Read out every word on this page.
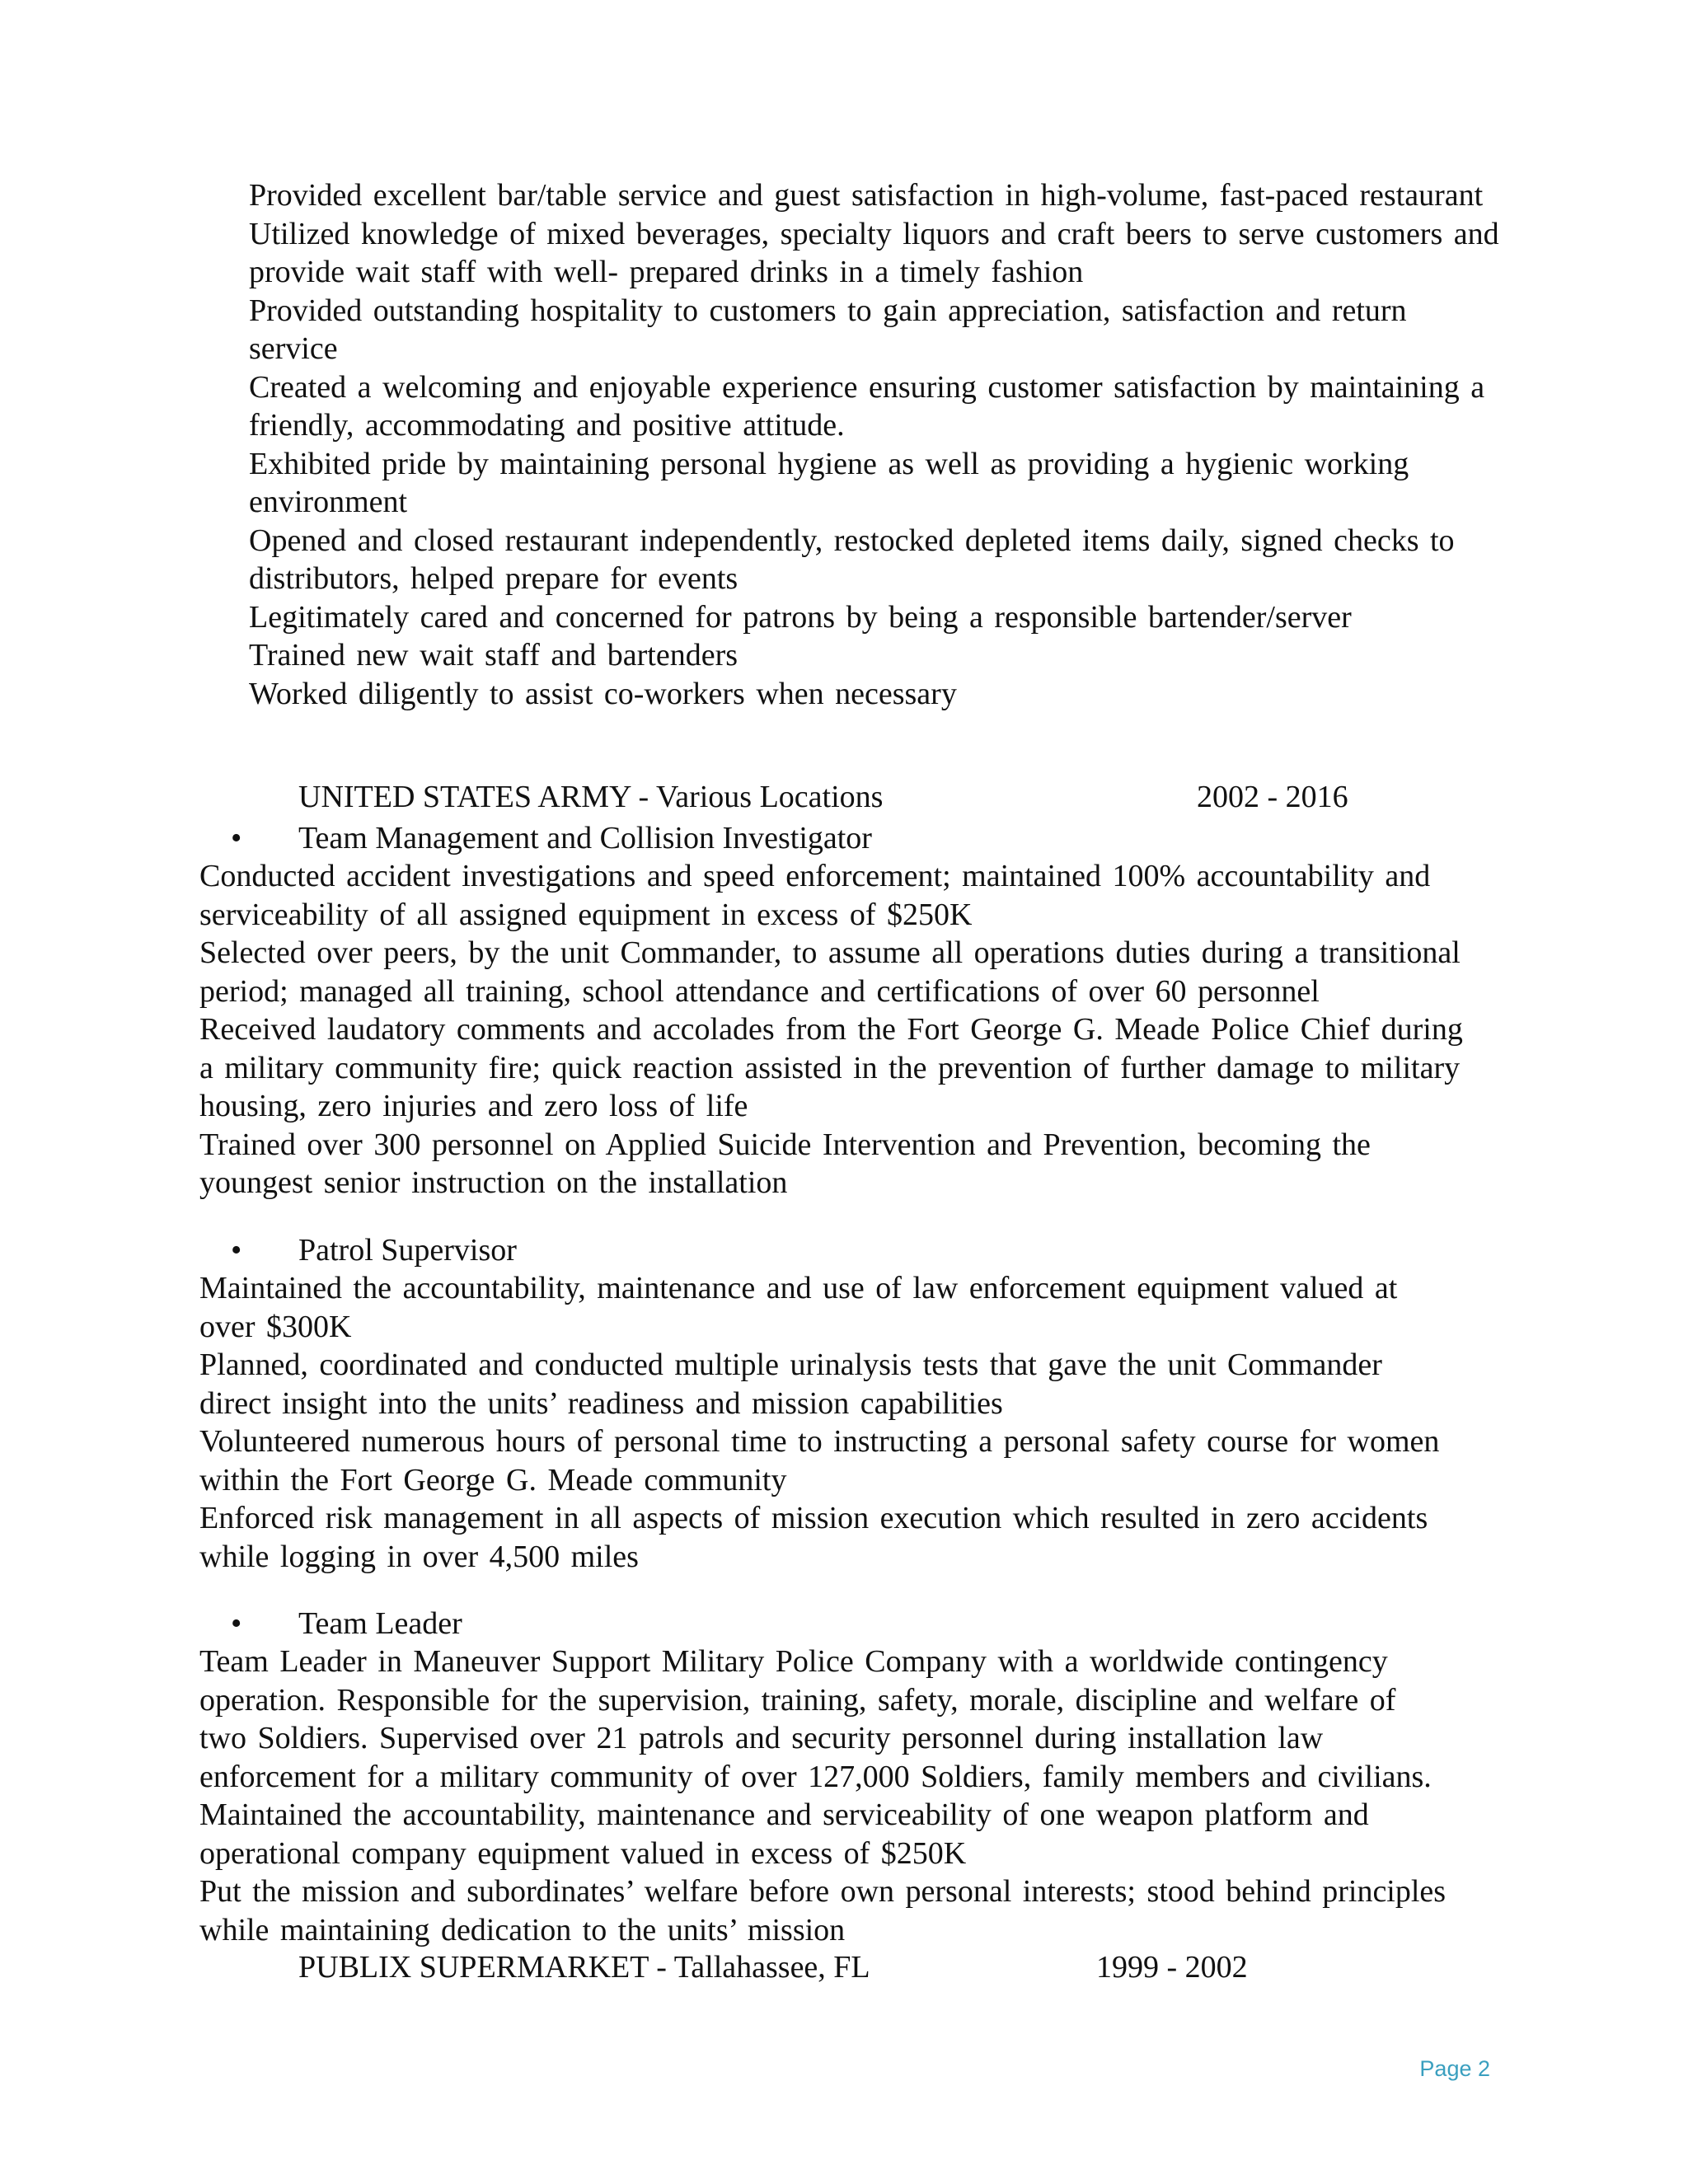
Provided excellent bar/table service and guest satisfaction in high-volume, fast-paced restaurant
Utilized knowledge of mixed beverages, specialty liquors and craft beers to serve customers and provide wait staff with well- prepared drinks in a timely fashion
Provided outstanding hospitality to customers to gain appreciation, satisfaction and return service
Created a welcoming and enjoyable experience ensuring customer satisfaction by maintaining a friendly, accommodating and positive attitude.
Exhibited pride by maintaining personal hygiene as well as providing a hygienic working environment
Opened and closed restaurant independently, restocked depleted items daily, signed checks to distributors, helped prepare for events
Legitimately cared and concerned for patrons by being a responsible bartender/server
Trained new wait staff and bartenders
Worked diligently to assist co-workers when necessary
UNITED STATES ARMY - Various Locations	2002 - 2016
• Team Management and Collision Investigator
Conducted accident investigations and speed enforcement; maintained 100% accountability and
serviceability of all assigned equipment in excess of $250K
Selected over peers, by the unit Commander, to assume all operations duties during a transitional
period; managed all training, school attendance and certifications of over 60 personnel
Received laudatory comments and accolades from the Fort George G. Meade Police Chief during
a military community fire; quick reaction assisted in the prevention of further damage to military
housing, zero injuries and zero loss of life
Trained over 300 personnel on Applied Suicide Intervention and Prevention, becoming the
youngest senior instruction on the installation
• Patrol Supervisor
Maintained the accountability, maintenance and use of law enforcement equipment valued at
over $300K
Planned, coordinated and conducted multiple urinalysis tests that gave the unit Commander
direct insight into the units’ readiness and mission capabilities
Volunteered numerous hours of personal time to instructing a personal safety course for women
within the Fort George G. Meade community
Enforced risk management in all aspects of mission execution which resulted in zero accidents
while logging in over 4,500 miles
• Team Leader
Team Leader in Maneuver Support Military Police Company with a worldwide contingency
operation. Responsible for the supervision, training, safety, morale, discipline and welfare of
two Soldiers. Supervised over 21 patrols and security personnel during installation law
enforcement for a military community of over 127,000 Soldiers, family members and civilians.
Maintained the accountability, maintenance and serviceability of one weapon platform and
operational company equipment valued in excess of $250K
Put the mission and subordinates’ welfare before own personal interests; stood behind principles
while maintaining dedication to the units’ mission
PUBLIX SUPERMARKET - Tallahassee, FL	1999 - 2002
Page 2
